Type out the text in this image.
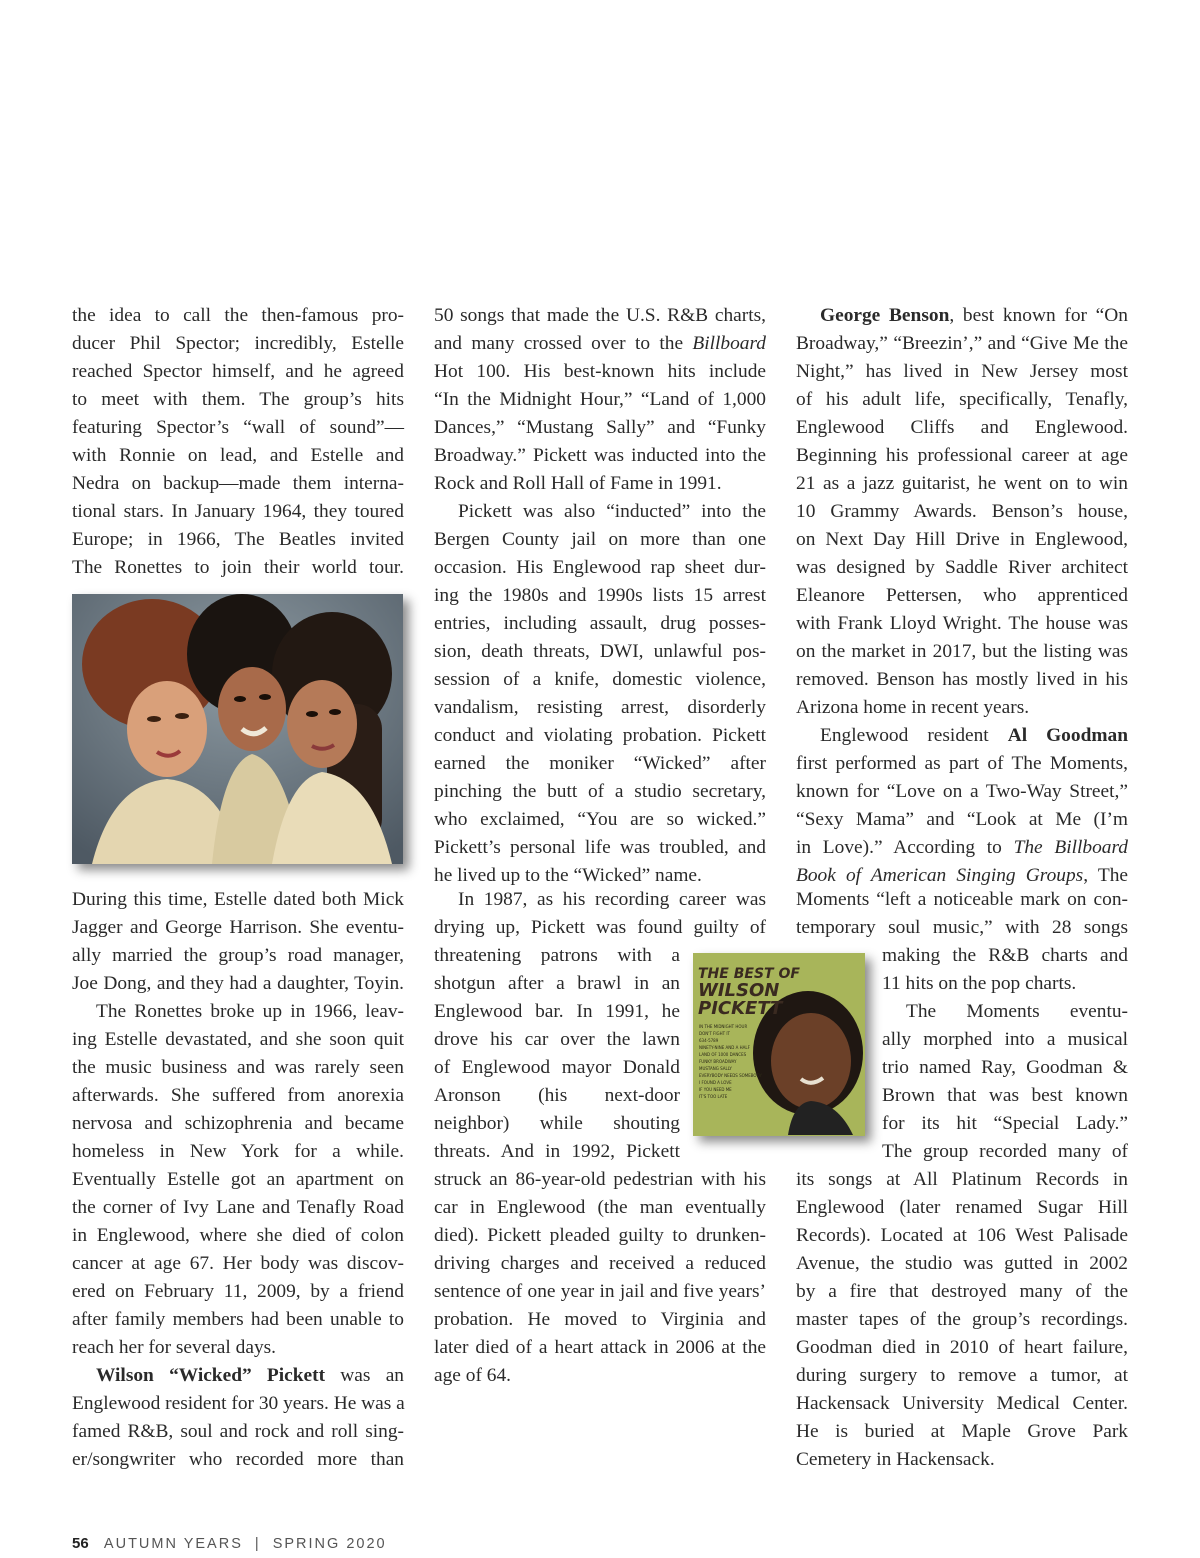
the idea to call the then-famous pro-
ducer Phil Spector; incredibly, Estelle
reached Spector himself, and he agreed
to meet with them. The group’s hits
featuring Spector’s “wall of sound”—
with Ronnie on lead, and Estelle and
Nedra on backup—made them interna-
tional stars. In January 1964, they toured
Europe; in 1966, The Beatles invited
The Ronettes to join their world tour.
During this time, Estelle dated both Mick
Jagger and George Harrison. She eventu-
ally married the group’s road manager,
Joe Dong, and they had a daughter, Toyin.
The Ronettes broke up in 1966, leav-
ing Estelle devastated, and she soon quit
the music business and was rarely seen
afterwards. She suffered from anorexia
nervosa and schizophrenia and became
homeless in New York for a while.
Eventually Estelle got an apartment on
the corner of Ivy Lane and Tenafly Road
in Englewood, where she died of colon
cancer at age 67. Her body was discov-
ered on February 11, 2009, by a friend
after family members had been unable to
reach her for several days.
Wilson “Wicked” Pickett was an
Englewood resident for 30 years. He was a
famed R&B, soul and rock and roll sing-
er/songwriter who recorded more than
50 songs that made the U.S. R&B charts,
and many crossed over to the Billboard
Hot 100. His best-known hits include
“In the Midnight Hour,” “Land of 1,000
Dances,” “Mustang Sally” and “Funky
Broadway.” Pickett was inducted into the
Rock and Roll Hall of Fame in 1991.
Pickett was also “inducted” into the
Bergen County jail on more than one
occasion. His Englewood rap sheet dur-
ing the 1980s and 1990s lists 15 arrest
entries, including assault, drug posses-
sion, death threats, DWI, unlawful pos-
session of a knife, domestic violence,
vandalism, resisting arrest, disorderly
conduct and violating probation. Pickett
earned the moniker “Wicked” after
pinching the butt of a studio secretary,
who exclaimed, “You are so wicked.”
Pickett’s personal life was troubled, and
he lived up to the “Wicked” name.
In 1987, as his recording career was
drying up, Pickett was found guilty of
threatening patrons with a
shotgun after a brawl in an
Englewood bar. In 1991, he
drove his car over the lawn
of Englewood mayor Donald
Aronson (his next-door
neighbor) while shouting
threats. And in 1992, Pickett
struck an 86-year-old pedestrian with his
car in Englewood (the man eventually
died). Pickett pleaded guilty to drunken-
driving charges and received a reduced
sentence of one year in jail and five years’
probation. He moved to Virginia and
later died of a heart attack in 2006 at the
age of 64.
THE BEST OF
WILSON
PICKETT
IN THE MIDNIGHT HOUR
DON'T FIGHT IT
634-5789
NINETY-NINE AND A HALF
LAND OF 1000 DANCES
FUNKY BROADWAY
MUSTANG SALLY
EVERYBODY NEEDS SOMEBODY
I FOUND A LOVE
IF YOU NEED ME
IT'S TOO LATE
George Benson, best known for “On
Broadway,” “Breezin’,” and “Give Me the
Night,” has lived in New Jersey most
of his adult life, specifically, Tenafly,
Englewood Cliffs and Englewood.
Beginning his professional career at age
21 as a jazz guitarist, he went on to win
10 Grammy Awards. Benson’s house,
on Next Day Hill Drive in Englewood,
was designed by Saddle River architect
Eleanore Pettersen, who apprenticed
with Frank Lloyd Wright. The house was
on the market in 2017, but the listing was
removed. Benson has mostly lived in his
Arizona home in recent years.
Englewood resident Al Goodman
first performed as part of The Moments,
known for “Love on a Two-Way Street,”
“Sexy Mama” and “Look at Me (I’m
in Love).” According to The Billboard
Book of American Singing Groups, The
Moments “left a noticeable mark on con-
temporary soul music,” with 28 songs
making the R&B charts and
11 hits on the pop charts.
The Moments eventu-
ally morphed into a musical
trio named Ray, Goodman &
Brown that was best known
for its hit “Special Lady.”
The group recorded many of
its songs at All Platinum Records in
Englewood (later renamed Sugar Hill
Records). Located at 106 West Palisade
Avenue, the studio was gutted in 2002
by a fire that destroyed many of the
master tapes of the group’s recordings.
Goodman died in 2010 of heart failure,
during surgery to remove a tumor, at
Hackensack University Medical Center.
He is buried at Maple Grove Park
Cemetery in Hackensack.
56 AUTUMN YEARS | SPRING 2020
